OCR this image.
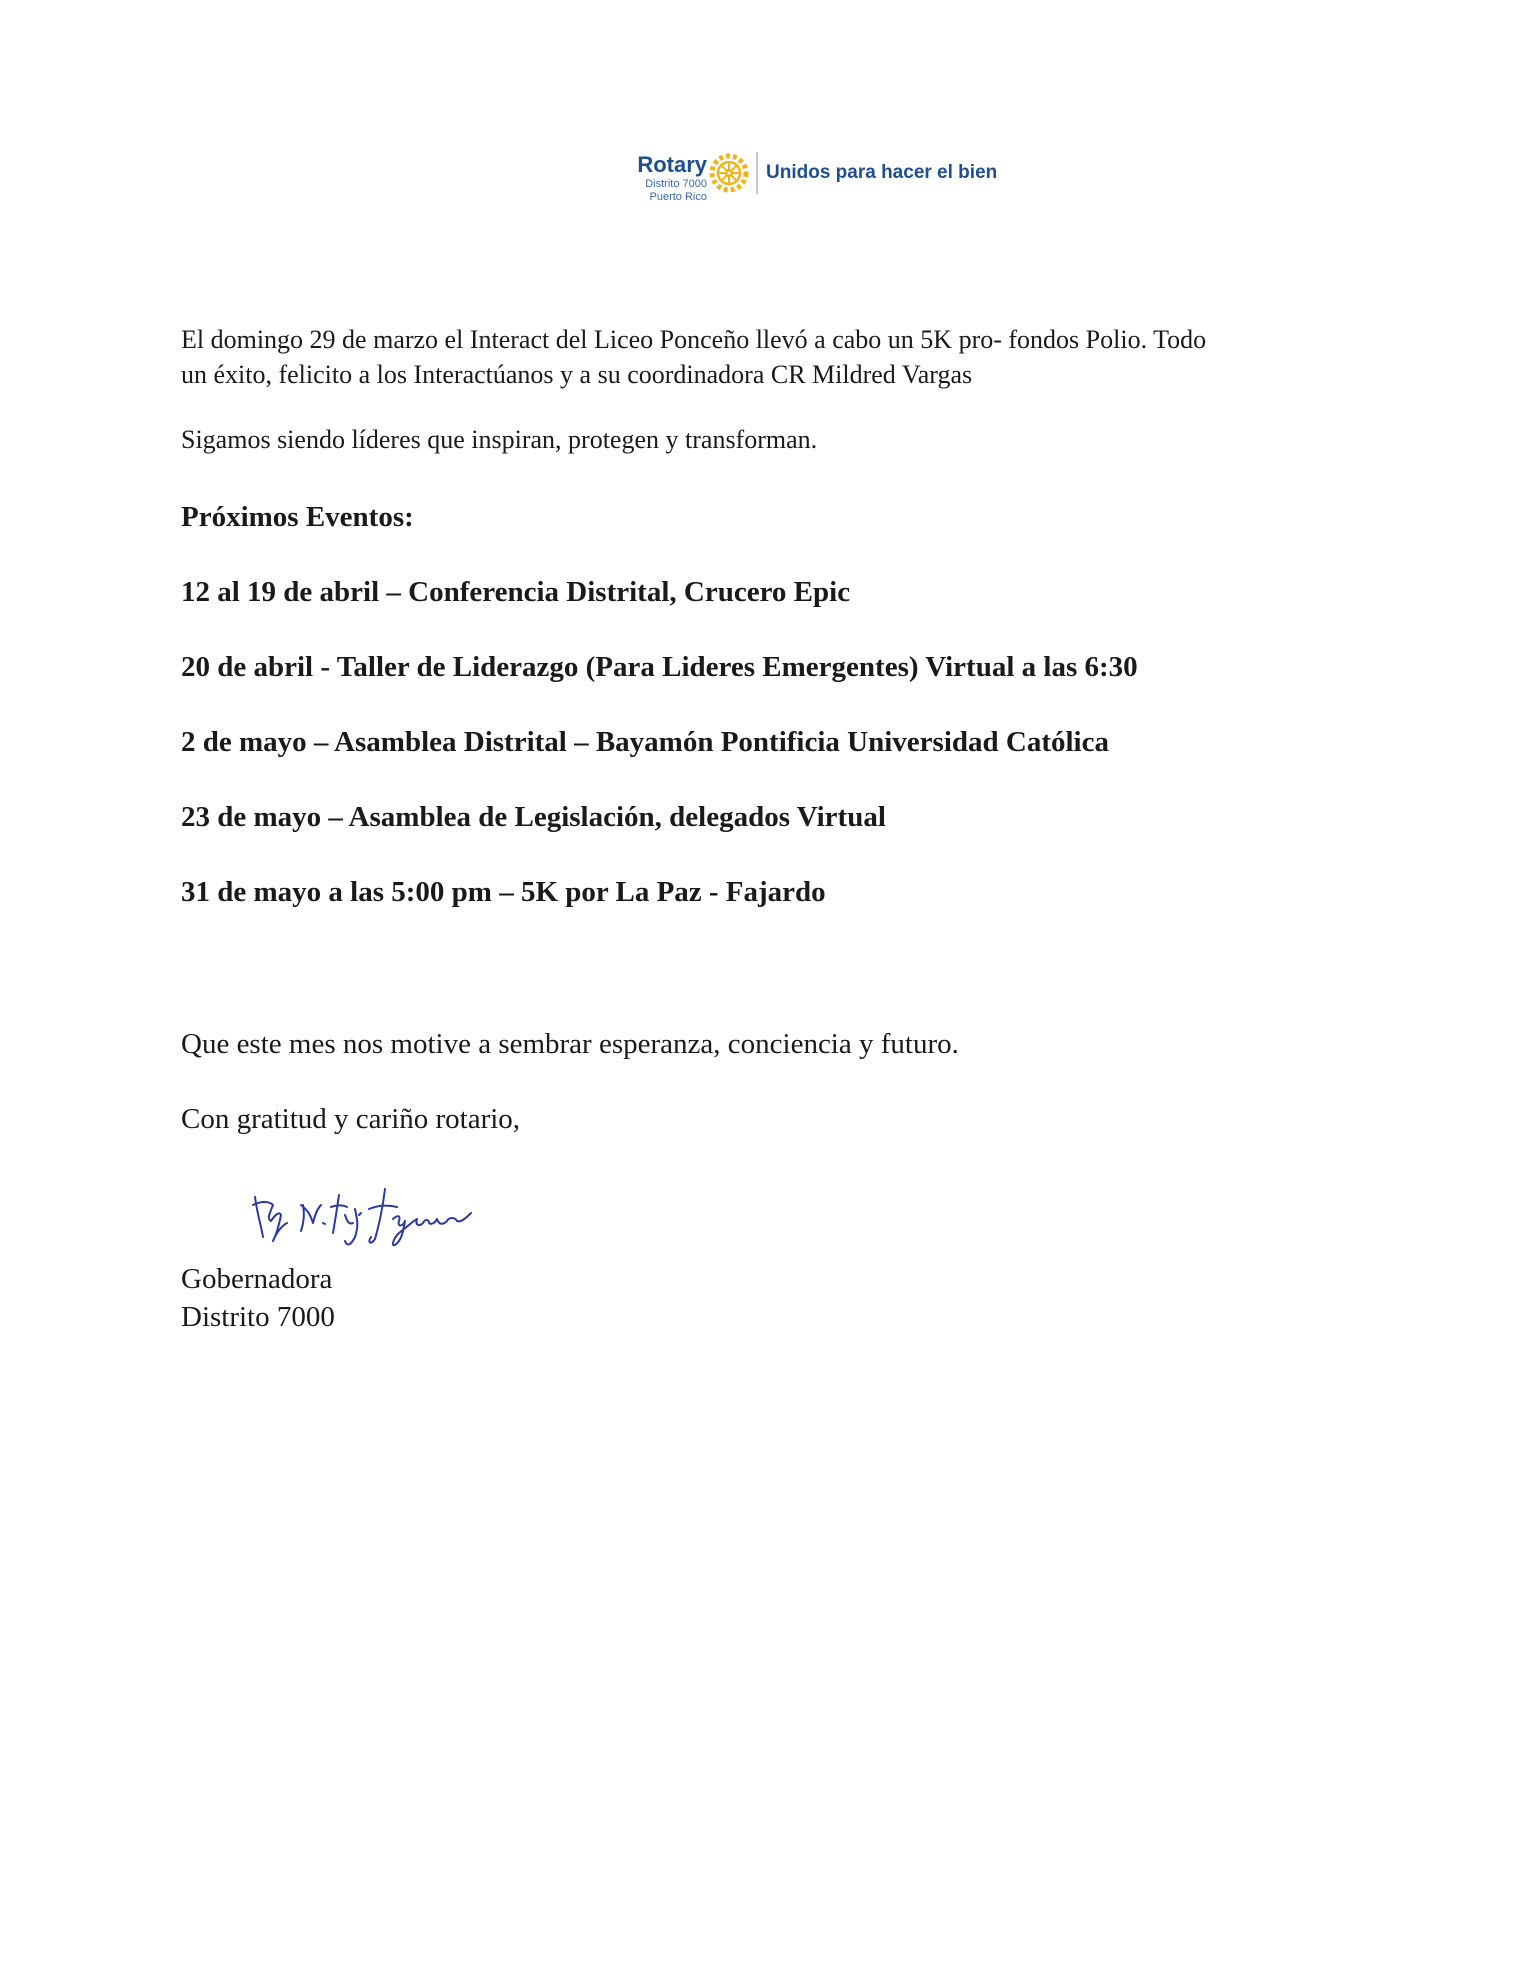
Rotary
Distrito 7000
Puerto Rico
Unidos para hacer el bien

El domingo 29 de marzo el Interact del Liceo Ponceño llevó a cabo un 5K pro- fondos Polio. Todo

un éxito, felicito a los Interactúanos y a su coordinadora CR Mildred Vargas

Sigamos siendo líderes que inspiran, protegen y transforman.

Próximos Eventos:
12 al 19 de abril – Conferencia Distrital, Crucero Epic
20 de abril - Taller de Liderazgo (Para Lideres Emergentes) Virtual a las 6:30
2 de mayo – Asamblea Distrital – Bayamón Pontificia Universidad Católica
23 de mayo – Asamblea de Legislación, delegados Virtual
31 de mayo a las 5:00 pm – 5K por La Paz - Fajardo

Que este mes nos motive a sembrar esperanza, conciencia y futuro.

Con gratitud y cariño rotario,

Gobernadora
Distrito 7000
